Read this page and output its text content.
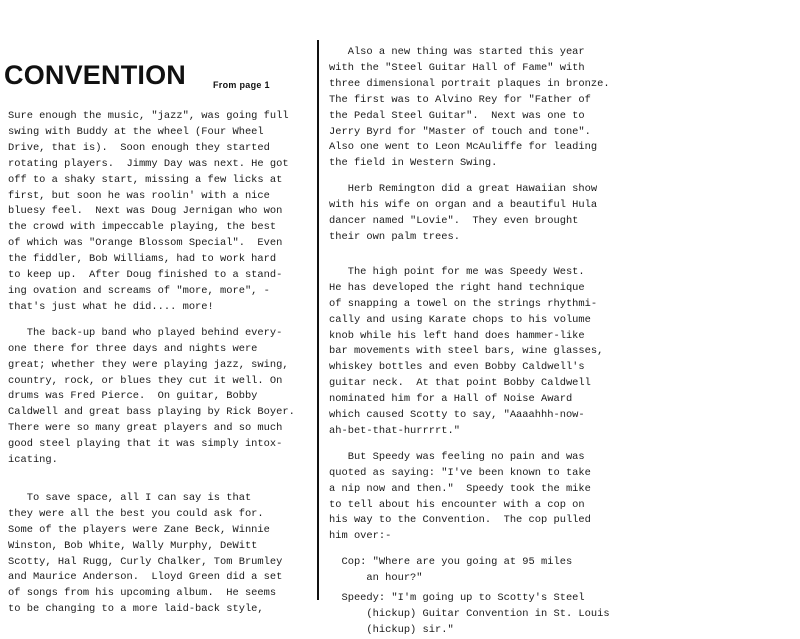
CONVENTION	From page 1
Sure enough the music, "jazz", was going full
swing with Buddy at the wheel (Four Wheel
Drive, that is).  Soon enough they started
rotating players.  Jimmy Day was next. He got
off to a shaky start, missing a few licks at
first, but soon he was roolin' with a nice
bluesy feel.  Next was Doug Jernigan who won
the crowd with impeccable playing, the best
of which was "Orange Blossom Special".  Even
the fiddler, Bob Williams, had to work hard
to keep up.  After Doug finished to a stand-
ing ovation and screams of "more, more", -
that's just what he did.... more!
The back-up band who played behind every-
one there for three days and nights were
great; whether they were playing jazz, swing,
country, rock, or blues they cut it well. On
drums was Fred Pierce.  On guitar, Bobby
Caldwell and great bass playing by Rick Boyer.
There were so many great players and so much
good steel playing that it was simply intox-
icating.
To save space, all I can say is that
they were all the best you could ask for.
Some of the players were Zane Beck, Winnie
Winston, Bob White, Wally Murphy, DeWitt
Scotty, Hal Rugg, Curly Chalker, Tom Brumley
and Maurice Anderson.  Lloyd Green did a set
of songs from his upcoming album.  He seems
to be changing to a more laid-back style,
Also a new thing was started this year
with the "Steel Guitar Hall of Fame" with
three dimensional portrait plaques in bronze.
The first was to Alvino Rey for "Father of
the Pedal Steel Guitar".  Next was one to
Jerry Byrd for "Master of touch and tone".
Also one went to Leon McAuliffe for leading
the field in Western Swing.
Herb Remington did a great Hawaiian show
with his wife on organ and a beautiful Hula
dancer named "Lovie".  They even brought
their own palm trees.
The high point for me was Speedy West.
He has developed the right hand technique
of snapping a towel on the strings rhythmi-
cally and using Karate chops to his volume
knob while his left hand does hammer-like
bar movements with steel bars, wine glasses,
whiskey bottles and even Bobby Caldwell's
guitar neck.  At that point Bobby Caldwell
nominated him for a Hall of Noise Award
which caused Scotty to say, "Aaaahhh-now-
ah-bet-that-hurrrrt."
But Speedy was feeling no pain and was
quoted as saying: "I've been known to take
a nip now and then."  Speedy took the mike
to tell about his encounter with a cop on
his way to the Convention.  The cop pulled
him over:-
Cop: "Where are you going at 95 miles
an hour?"
Speedy: "I'm going up to Scotty's Steel
(hickup) Guitar Convention in St. Louis
(hickup) sir."
